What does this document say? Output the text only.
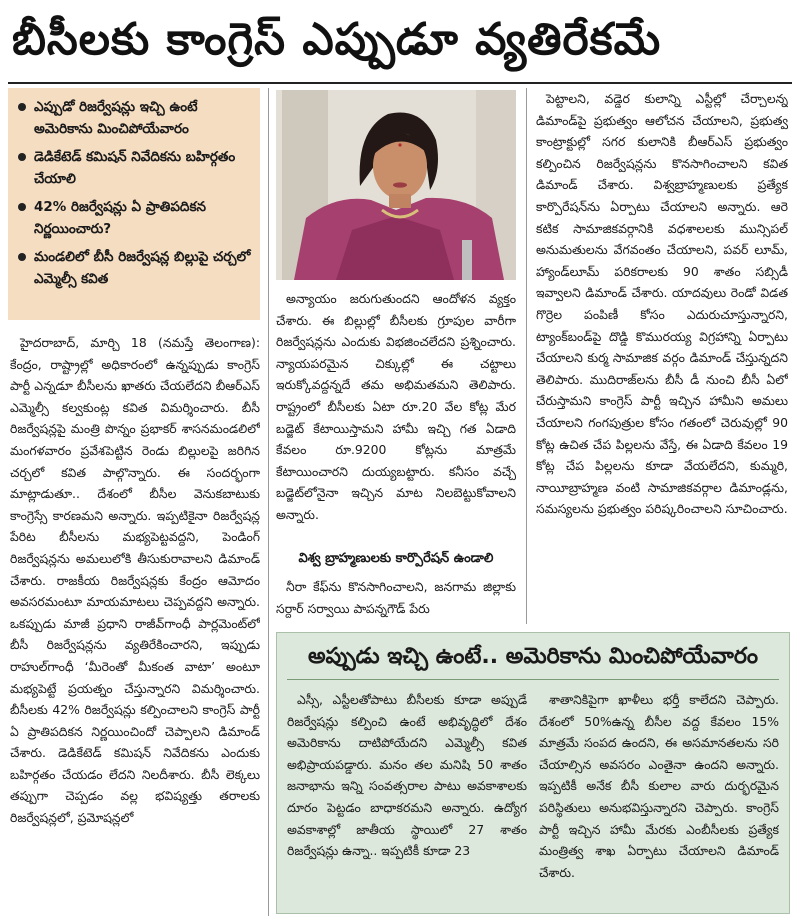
బీసీలకు కాంగ్రెస్ ఎప్పుడూ వ్యతిరేకమే
ఎప్పుడో రిజర్వేషన్లు ఇచ్చి ఉంటే అమెరికాను మించిపోయేవారం
డెడికేటెడ్ కమిషన్ నివేదికను బహిర్గతం చేయాలి
42% రిజర్వేషన్లు ఏ ప్రాతిపదికన నిర్ణయించారు?
మండలిలో బీసీ రిజర్వేషన్ల బిల్లుపై చర్చలో ఎమ్మెల్సీ కవిత

హైదరాబాద్, మార్చి 18 (నమస్తే తెలంగాణ): కేంద్రం, రాష్ట్రాల్లో అధికారంలో ఉన్నప్పుడు కాంగ్రెస్ పార్టీ ఎన్నడూ బీసీలను ఖాతరు చేయలేదని బీఆర్ఎస్ ఎమ్మెల్సీ కల్వకుంట్ల కవిత విమర్శించారు. బీసీ రిజర్వేషన్లపై మంత్రి పొన్నం ప్రభాకర్ శాసనమండలిలో మంగళవారం ప్రవేశపెట్టిన రెండు బిల్లులపై జరిగిన చర్చలో కవిత పాల్గొన్నారు. ఈ సందర్భంగా మాట్లాడుతూ.. దేశంలో బీసీల వెనుకబాటుకు కాంగ్రెస్సే కారణమని అన్నారు. ఇప్పటికైనా రిజర్వేషన్ల పేరిట బీసీలను మభ్యపెట్టవద్దని, పెండింగ్ రిజర్వేషన్లను అమలులోకి తీసుకురావాలని డిమాండ్ చేశారు. రాజకీయ రిజర్వేషన్లకు కేంద్రం ఆమోదం అవసరమంటూ మాయమాటలు చెప్పవద్దని అన్నారు. ఒకప్పుడు మాజీ ప్రధాని రాజీవ్‌గాంధీ పార్లమెంట్‌లో బీసీ రిజర్వేషన్లను వ్యతిరేకించారని, ఇప్పుడు రాహుల్‌గాంధీ ‘మీరెంతో మీకంత వాటా’ అంటూ మభ్యపెట్టే ప్రయత్నం చేస్తున్నారని విమర్శించారు. బీసీలకు 42% రిజర్వేషన్లు కల్పించాలని కాంగ్రెస్ పార్టీ ఏ ప్రాతిపదికన నిర్ణయించిందో చెప్పాలని డిమాండ్ చేశారు. డెడికేటెడ్ కమిషన్ నివేదికను ఎందుకు బహిర్గతం చేయడం లేదని నిలదీశారు. బీసీ లెక్కలు తప్పుగా చెప్పడం వల్ల భవిష్యత్తు తరాలకు రిజర్వేషన్లలో, ప్రమోషన్లలో

అన్యాయం జరుగుతుందని ఆందోళన వ్యక్తం చేశారు. ఈ బిల్లుల్లో బీసీలకు గ్రూపుల వారీగా రిజర్వేషన్లను ఎందుకు విభజించలేదని ప్రశ్నించారు. న్యాయపరమైన చిక్కుల్లో ఈ చట్టాలు ఇరుక్కోవద్దన్నదే తమ అభిమతమని తెలిపారు. రాష్ట్రంలో బీసీలకు ఏటా రూ.20 వేల కోట్ల మేర బడ్జెట్ కేటాయిస్తామని హామీ ఇచ్చి గత ఏడాది కేవలం రూ.9200 కోట్లను మాత్రమే కేటాయించారని దుయ్యబట్టారు. కనీసం వచ్చే బడ్జెట్‌లోనైనా ఇచ్చిన మాట నిలబెట్టుకోవాలని అన్నారు.

విశ్వ బ్రాహ్మణులకు కార్పొరేషన్ ఉండాలి

నీరా కేఫ్‌ను కొనసాగించాలని, జనగామ జిల్లాకు సర్దార్ సర్వాయి పాపన్నగౌడ్ పేరు

పెట్టాలని, వడ్డెర కులాన్ని ఎస్టీల్లో చేర్చాలన్న డిమాండ్‌పై ప్రభుత్వం ఆలోచన చేయాలని, ప్రభుత్వ కాంట్రాక్టుల్లో సగర కులానికి బీఆర్ఎస్ ప్రభుత్వం కల్పించిన రిజర్వేషన్లను కొనసాగించాలని కవిత డిమాండ్ చేశారు. విశ్వబ్రాహ్మణులకు ప్రత్యేక కార్పొరేషన్‌ను ఏర్పాటు చేయాలని అన్నారు. ఆరె కటిక సామాజికవర్గానికి వధశాలలకు మున్సిపల్ అనుమతులను వేగవంతం చేయాలని, పవర్ లూమ్, హ్యాండ్‌లూమ్ పరికరాలకు 90 శాతం సబ్సిడీ ఇవ్వాలని డిమాండ్ చేశారు. యాదవులు రెండో విడత గొర్రెల పంపిణీ కోసం ఎదురుచూస్తున్నారని, ట్యాంక్‌బండ్‌పై దొడ్డి కొమురయ్య విగ్రహాన్ని ఏర్పాటు చేయాలని కుర్మ సామాజిక వర్గం డిమాండ్ చేస్తున్నదని తెలిపారు. ముదిరాజ్‌లను బీసీ డీ నుంచి బీసీ ఏలో చేరుస్తామని కాంగ్రెస్ పార్టీ ఇచ్చిన హామీని అమలు చేయాలని గంగపుత్రుల కోసం గతంలో చెరువుల్లో 90 కోట్ల ఉచిత చేప పిల్లలను వేస్తే, ఈ ఏడాది కేవలం 19 కోట్ల చేప పిల్లలను కూడా వేయలేదని, కుమ్మరి, నాయీబ్రాహ్మణ వంటి సామాజికవర్గాల డిమాండ్లను, సమస్యలను ప్రభుత్వం పరిష్కరించాలని సూచించారు.

అప్పుడు ఇచ్చి ఉంటే.. అమెరికాను మించిపోయేవారం

ఎస్సీ, ఎస్టీలతోపాటు బీసీలకు కూడా అప్పుడే రిజర్వేషన్లు కల్పించి ఉంటే అభివృద్ధిలో దేశం అమెరికాను దాటిపోయేదని ఎమ్మెల్సీ కవిత అభిప్రాయపడ్డారు. మనం తల మనిషి 50 శాతం జనాభాను ఇన్ని సంవత్సరాల పాటు అవకాశాలకు దూరం పెట్టడం బాధాకరమని అన్నారు. ఉద్యోగ అవకాశాల్లో జాతీయ స్థాయిలో 27 శాతం రిజర్వేషన్లు ఉన్నా.. ఇప్పటికీ కూడా 23

శాతానికిపైగా ఖాళీలు భర్తీ కాలేదని చెప్పారు. దేశంలో 50%ఉన్న బీసీల వద్ద కేవలం 15% మాత్రమే సంపద ఉందని, ఈ అసమానతలను సరి చేయాల్సిన అవసరం ఎంతైనా ఉందని అన్నారు. ఇప్పటికీ అనేక బీసీ కులాల వారు దుర్భరమైన పరిస్థితులు అనుభవిస్తున్నారని చెప్పారు. కాంగ్రెస్ పార్టీ ఇచ్చిన హామీ మేరకు ఎంబీసీలకు ప్రత్యేక మంత్రిత్వ శాఖ ఏర్పాటు చేయాలని డిమాండ్ చేశారు.
